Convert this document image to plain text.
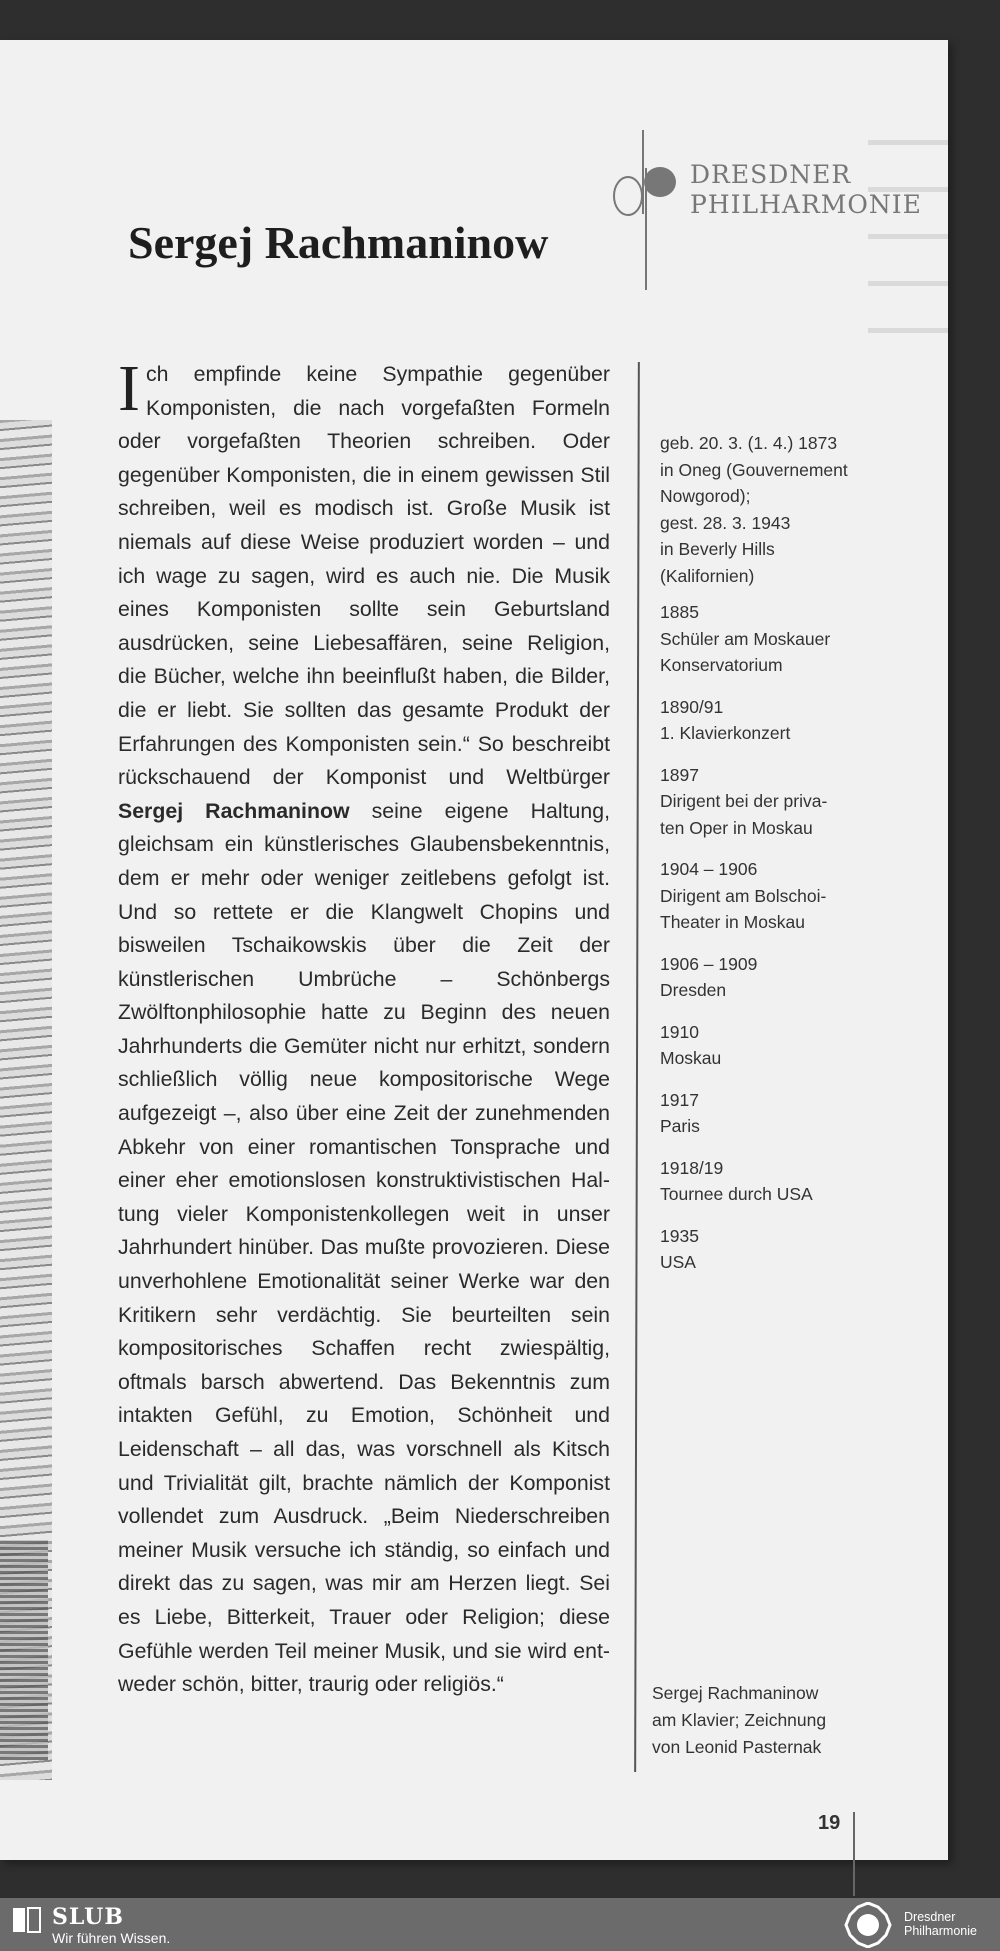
DRESDNER
PHILHARMONIE
Sergej Rachmaninow
Ich empfinde keine Sympathie gegenüber Komponisten, die nach vorgefaßten Formeln oder vorgefaßten Theorien schreiben. Oder gegenüber Komponisten, die in einem gewissen Stil schreiben, weil es modisch ist. Große Musik ist niemals auf diese Weise produziert worden – und ich wage zu sagen, wird es auch nie. Die Musik eines Komponisten sollte sein Geburtsland ausdrücken, seine Liebesaffären, seine Religion, die Bücher, welche ihn beeinflußt haben, die Bilder, die er liebt. Sie sollten das gesamte Produkt der Erfahrungen des Komponisten sein.“ So beschreibt rückschauend der Komponist und Weltbürger Sergej Rachmaninow seine eigene Haltung, gleichsam ein künstlerisches Glaubensbekenntnis, dem er mehr oder weniger zeitlebens gefolgt ist. Und so rettete er die Klangwelt Chopins und bisweilen Tschaikowskis über die Zeit der künstlerischen Umbrüche – Schönbergs Zwölftonphilosophie hatte zu Beginn des neuen Jahrhunderts die Gemüter nicht nur erhitzt, sondern schließlich völlig neue kompositorische Wege aufgezeigt –, also über eine Zeit der zunehmenden Abkehr von einer romantischen Tonsprache und einer eher emotionslosen konstruktivistischen Haltung vieler Komponistenkollegen weit in unser Jahrhundert hinüber. Das mußte provozieren. Diese unverhohlene Emotionalität seiner Werke war den Kritikern sehr verdächtig. Sie beurteilten sein kompositorisches Schaffen recht zwiespältig, oftmals barsch abwertend. Das Bekenntnis zum intakten Gefühl, zu Emotion, Schönheit und Leidenschaft – all das, was vorschnell als Kitsch und Trivialität gilt, brachte nämlich der Komponist vollendet zum Ausdruck. „Beim Niederschreiben meiner Musik versuche ich ständig, so einfach und direkt das zu sagen, was mir am Herzen liegt. Sei es Liebe, Bitterkeit, Trauer oder Religion; diese Gefühle werden Teil meiner Musik, und sie wird entweder schön, bitter, traurig oder religiös.“
geb. 20. 3. (1. 4.) 1873
in Oneg (Gouvernement
Nowgorod);
gest. 28. 3. 1943
in Beverly Hills
(Kalifornien)
1885
Schüler am Moskauer
Konservatorium
1890/91
1. Klavierkonzert
1897
Dirigent bei der priva-
ten Oper in Moskau
1904 – 1906
Dirigent am Bolschoi-
Theater in Moskau
1906 – 1909
Dresden
1910
Moskau
1917
Paris
1918/19
Tournee durch USA
1935
USA
Sergej Rachmaninow
am Klavier; Zeichnung
von Leonid Pasternak
19
SLUB
Wir führen Wissen.
Dresdner
Philharmonie
